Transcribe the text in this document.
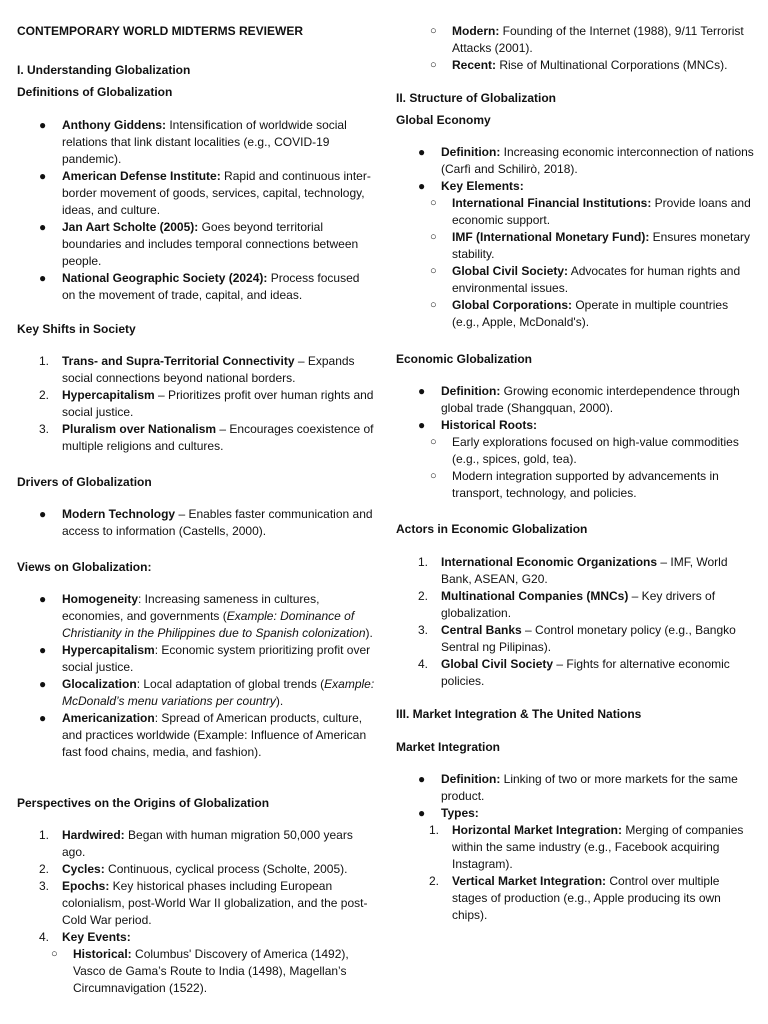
CONTEMPORARY WORLD MIDTERMS REVIEWER
I. Understanding Globalization
Definitions of Globalization
● Anthony Giddens: Intensification of worldwide social relations that link distant localities (e.g., COVID-19 pandemic).
● American Defense Institute: Rapid and continuous inter-border movement of goods, services, capital, technology, ideas, and culture.
● Jan Aart Scholte (2005): Goes beyond territorial boundaries and includes temporal connections between people.
● National Geographic Society (2024): Process focused on the movement of trade, capital, and ideas.
Key Shifts in Society
1. Trans- and Supra-Territorial Connectivity – Expands social connections beyond national borders.
2. Hypercapitalism – Prioritizes profit over human rights and social justice.
3. Pluralism over Nationalism – Encourages coexistence of multiple religions and cultures.
Drivers of Globalization
● Modern Technology – Enables faster communication and access to information (Castells, 2000).
Views on Globalization:
● Homogeneity: Increasing sameness in cultures, economies, and governments (Example: Dominance of Christianity in the Philippines due to Spanish colonization).
● Hypercapitalism: Economic system prioritizing profit over social justice.
● Glocalization: Local adaptation of global trends (Example: McDonald’s menu variations per country).
● Americanization: Spread of American products, culture, and practices worldwide (Example: Influence of American fast food chains, media, and fashion).
Perspectives on the Origins of Globalization
1. Hardwired: Began with human migration 50,000 years ago.
2. Cycles: Continuous, cyclical process (Scholte, 2005).
3. Epochs: Key historical phases including European colonialism, post-World War II globalization, and the post-Cold War period.
4. Key Events:
○ Historical: Columbus' Discovery of America (1492), Vasco de Gama’s Route to India (1498), Magellan’s Circumnavigation (1522).
○ Modern: Founding of the Internet (1988), 9/11 Terrorist Attacks (2001).
○ Recent: Rise of Multinational Corporations (MNCs).
II. Structure of Globalization
Global Economy
● Definition: Increasing economic interconnection of nations (Carfì and Schilirò, 2018).
● Key Elements:
○ International Financial Institutions: Provide loans and economic support.
○ IMF (International Monetary Fund): Ensures monetary stability.
○ Global Civil Society: Advocates for human rights and environmental issues.
○ Global Corporations: Operate in multiple countries (e.g., Apple, McDonald's).
Economic Globalization
● Definition: Growing economic interdependence through global trade (Shangquan, 2000).
● Historical Roots:
○ Early explorations focused on high-value commodities (e.g., spices, gold, tea).
○ Modern integration supported by advancements in transport, technology, and policies.
Actors in Economic Globalization
1. International Economic Organizations – IMF, World Bank, ASEAN, G20.
2. Multinational Companies (MNCs) – Key drivers of globalization.
3. Central Banks – Control monetary policy (e.g., Bangko Sentral ng Pilipinas).
4. Global Civil Society – Fights for alternative economic policies.
III. Market Integration & The United Nations
Market Integration
● Definition: Linking of two or more markets for the same product.
● Types:
1. Horizontal Market Integration: Merging of companies within the same industry (e.g., Facebook acquiring Instagram).
2. Vertical Market Integration: Control over multiple stages of production (e.g., Apple producing its own chips).
